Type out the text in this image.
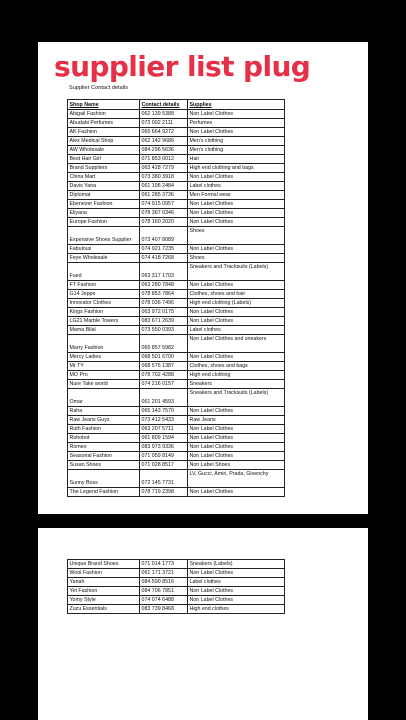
supplier list plug
Supplier Contact details
Shop Name	Contact details	Supplies
Abigail Fashion	062 139 5388	Non Label Clothes
Abudabi Perfumes	073 002 2111	Perfumes
AK Fashion	065 664 9272	Non Label Clothes
Alex Medical Shop	062 142 9686	Men's clothing
AW Wholesale	084 296 5636	Men's clothing
Best Hair Girl	071 853 0012	Hair
Brand Suppliers	063 428 7279	High end clothing and bags
China Mart	073 380 3918	Non Label Clothes
Davis Yana	061 196 2484	Label clothes
Diplomat	061 285 3736	Men Formal wear
Ebenezer Fashion	074 915 0957	Non Label Clothes
Eliyana	078 367 0346	Non Label Clothes
Europe Fashion	078 160 2020	Non Label Clothes
Expensive Shoes Supplier	073 407 8089	Shoes
Fabulous	074 921 7235	Non Label Clothes
Feye Wholesale	074 418 7268	Shoes
Fued	063 317 1703	Sneakers and Tracksuits (Labels)
FT Fashion	063 280 7848	Non Label Clothes
G14 Jeppe	078 853 7864	Clothes, shoes and hair
Innovator Clothes	078 036 7496	High end clothing (Labels)
Kings Fashion	063 972 0175	Non Label Clothes
LG21 Marble Towers	083 671 2639	Non Label Clothes
Mama Bilal	073 550 0393	Label clothes
Marry Fashion	065 857 5982	Non Label Clothes and sneakers
Mercy Ladies	068 501 6700	Non Label Clothes
Mr TY	068 576 1387	Clothes, shoes and bags
MO Pro	078 702 4288	High end clothing
Nure Take world	074 216 0157	Sneakers
Omar	061 201 4593	Sneakers and Tracksuits (Labels)
Raha	065 143 7570	Non Label Clothes
Raw Jeans Guys	073 412 5433	Raw Jeans
Ruth Fashion	063 207 5711	Non Label Clothes
Rohobot	061 809 1594	Non Label Clothes
Romeo	083 973 9336	Non Label Clothes
Seasonal Fashion	071 059 8149	Non Label Clothes
Susan Shoes	071 028 8517	Non Label Shoes
Sunny Boss	072 145 7731	LV, Gucci, Amiri, Prada, Givenchy
The Legend Fashion	078 719 2398	Non Label Clothes
Unique Brand Shoes	071 014 1773	Sneakers (Labels)
Wool Fashion	061 171 3721	Non Label Clothes
Yanah	084 590 8516	Label clothes
Yet Fashion	084 706 7851	Non Label Clothes
Yomy Style	074 074 6488	Non Label Clothes
Zuzu Essentials	083 739 8468	High end clothes
